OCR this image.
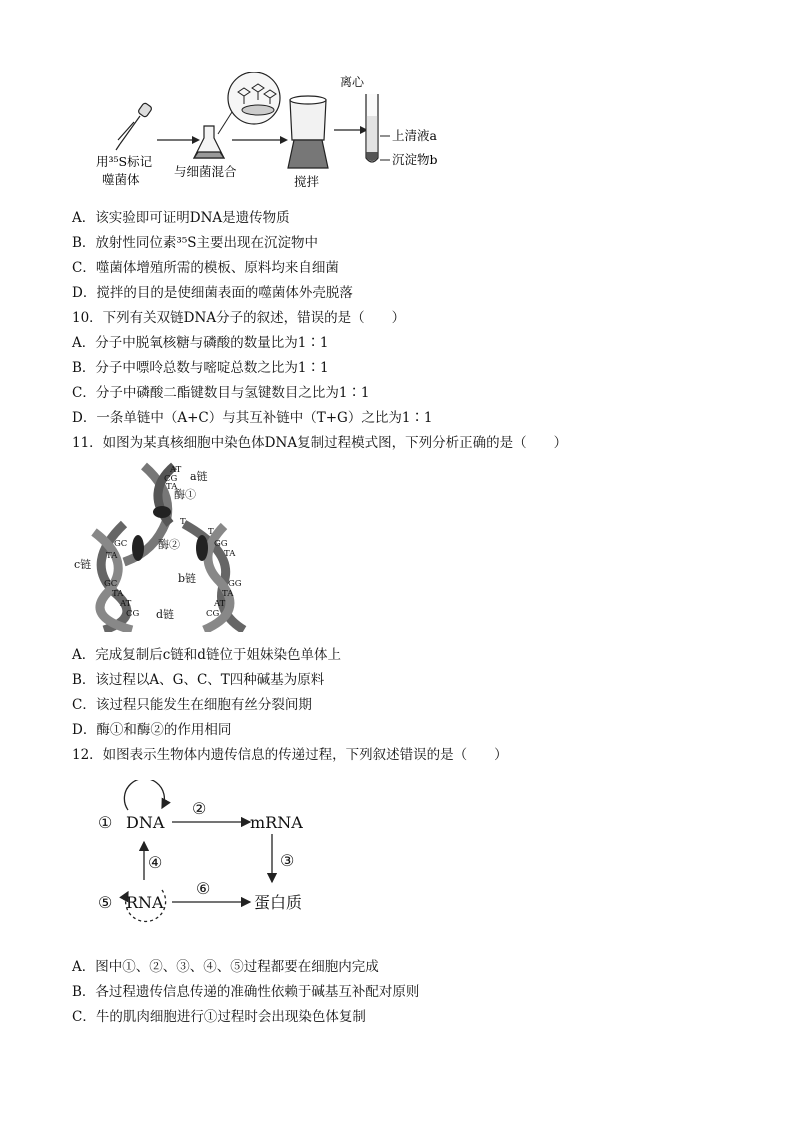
离心
上清液a
沉淀物b
用³⁵S标记
噬菌体
与细菌混合
搅拌
A．该实验即可证明DNA是遗传物质
B．放射性同位素³⁵S主要出现在沉淀物中
C．噬菌体增殖所需的模板、原料均来自细菌
D．搅拌的目的是使细菌表面的噬菌体外壳脱落
10．下列有关双链DNA分子的叙述，错误的是（　　）
A．分子中脱氧核糖与磷酸的数量比为1∶1
B．分子中嘌呤总数与嘧啶总数之比为1∶1
C．分子中磷酸二酯键数目与氢键数目之比为1∶1
D．一条单链中（A+C）与其互补链中（T+G）之比为1∶1
11．如图为某真核细胞中染色体DNA复制过程模式图，下列分析正确的是（　　）
AT
CG
TA
T
GC
TA
GC
TA
AT
CG
T
GG
TA
GG
TA
AT
CG
a链
酶①
酶②
c链
b链
d链
A．完成复制后c链和d链位于姐妹染色单体上
B．该过程以A、G、C、T四种碱基为原料
C．该过程只能发生在细胞有丝分裂间期
D．酶①和酶②的作用相同
12．如图表示生物体内遗传信息的传递过程，下列叙述错误的是（　　）
① DNA
②
mRNA
③
④
⑤ RNA
⑥
蛋白质
A．图中①、②、③、④、⑤过程都要在细胞内完成
B．各过程遗传信息传递的准确性依赖于碱基互补配对原则
C．牛的肌肉细胞进行①过程时会出现染色体复制
